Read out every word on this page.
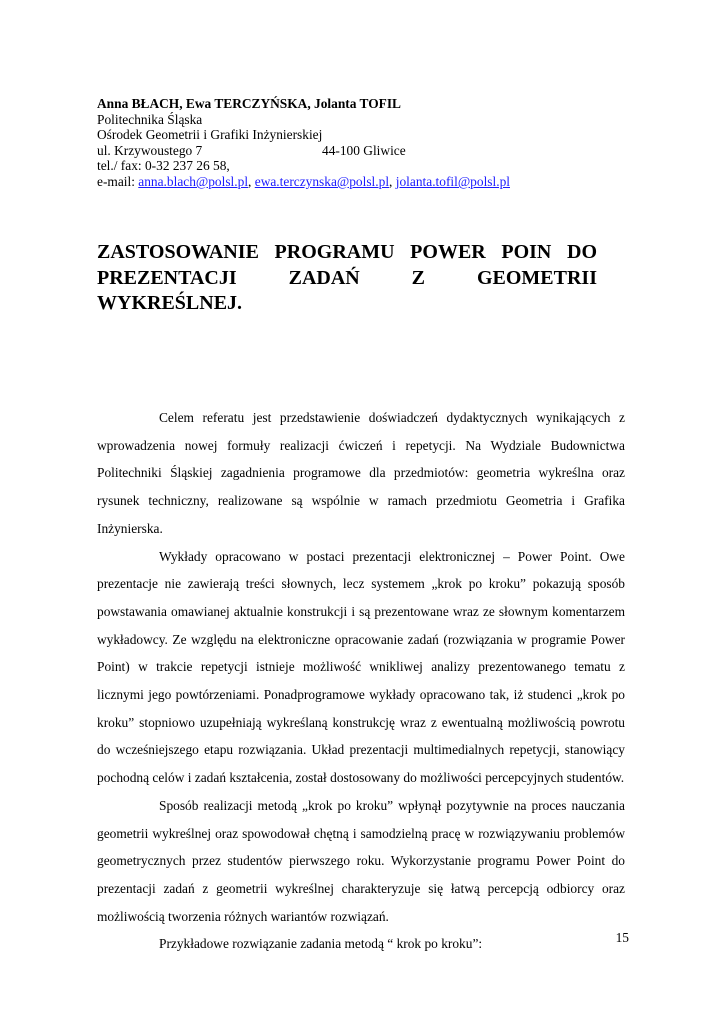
Anna BŁACH, Ewa TERCZYŃSKA, Jolanta TOFIL
Politechnika Śląska
Ośrodek Geometrii i Grafiki Inżynierskiej
ul. Krzywoustego 7	44-100 Gliwice
tel./ fax: 0-32 237 26 58,
e-mail: anna.blach@polsl.pl, ewa.terczynska@polsl.pl, jolanta.tofil@polsl.pl
ZASTOSOWANIE PROGRAMU POWER POIN DO PREZENTACJI ZADAŃ Z GEOMETRII WYKREŚLNEJ.

Celem referatu jest przedstawienie doświadczeń dydaktycznych wynikających z wprowadzenia nowej formuły realizacji ćwiczeń i repetycji. Na Wydziale Budownictwa Politechniki Śląskiej zagadnienia programowe dla przedmiotów: geometria wykreślna oraz rysunek techniczny, realizowane są wspólnie w ramach przedmiotu Geometria i Grafika Inżynierska.

Wykłady opracowano w postaci prezentacji elektronicznej – Power Point. Owe prezentacje nie zawierają treści słownych, lecz systemem „krok po kroku” pokazują sposób powstawania omawianej aktualnie konstrukcji i są prezentowane wraz ze słownym komentarzem wykładowcy. Ze względu na elektroniczne opracowanie zadań (rozwiązania w programie Power Point) w trakcie repetycji istnieje możliwość wnikliwej analizy prezentowanego tematu z licznymi jego powtórzeniami. Ponadprogramowe wykłady opracowano tak, iż studenci „krok po kroku” stopniowo uzupełniają wykreślaną konstrukcję wraz z ewentualną możliwością powrotu do wcześniejszego etapu rozwiązania. Układ prezentacji multimedialnych repetycji, stanowiący pochodną celów i zadań kształcenia, został dostosowany do możliwości percepcyjnych studentów.

Sposób realizacji metodą „krok po kroku” wpłynął pozytywnie na proces nauczania geometrii wykreślnej oraz spowodował chętną i samodzielną pracę w rozwiązywaniu problemów geometrycznych przez studentów pierwszego roku. Wykorzystanie programu Power Point do prezentacji zadań z geometrii wykreślnej charakteryzuje się łatwą percepcją odbiorcy oraz możliwością tworzenia różnych wariantów rozwiązań.

Przykładowe rozwiązanie zadania metodą “ krok po kroku”:	15
